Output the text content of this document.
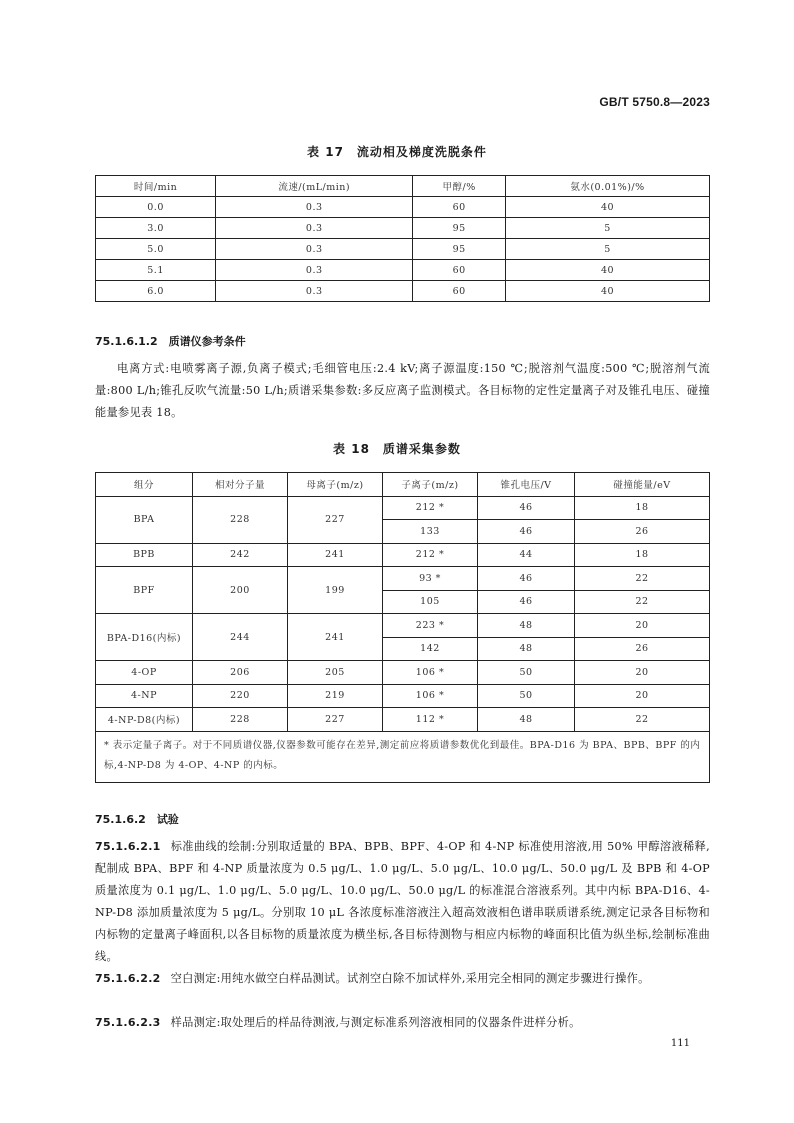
GB/T 5750.8—2023
表 17　流动相及梯度洗脱条件
时间/min	流速/(mL/min)	甲醇/%	氨水(0.01%)/%
0.0	0.3	60	40
3.0	0.3	95	5
5.0	0.3	95	5
5.1	0.3	60	40
6.0	0.3	60	40
75.1.6.1.2　 质谱仪参考条件
电离方式:电喷雾离子源,负离子模式;毛细管电压:2.4 kV;离子源温度:150 ℃;脱溶剂气温度:500 ℃;脱溶剂气流量:800 L/h;锥孔反吹气流量:50 L/h;质谱采集参数:多反应离子监测模式。各目标物的定性定量离子对及锥孔电压、碰撞能量参见表 18。
表 18　质谱采集参数
组分	相对分子量	母离子(m/z)	子离子(m/z)	锥孔电压/V	碰撞能量/eV
BPA	228	227	212 *	46	18
			133	46	26
BPB	242	241	212 *	44	18
BPF	200	199	93 *	46	22
			105	46	22
BPA-D16(内标)	244	241	223 *	48	20
			142	48	26
4-OP	206	205	106 *	50	20
4-NP	220	219	106 *	50	20
4-NP-D8(内标)	228	227	112 *	48	22
* 表示定量子离子。对于不同质谱仪器,仪器参数可能存在差异,测定前应将质谱参数优化到最佳。BPA-D16 为 BPA、BPB、BPF 的内标,4-NP-D8 为 4-OP、4-NP 的内标。					
75.1.6.2　 试验
75.1.6.2.1 标准曲线的绘制:分别取适量的 BPA、BPB、BPF、4-OP 和 4-NP 标准使用溶液,用 50% 甲醇溶液稀释,配制成 BPA、BPF 和 4-NP 质量浓度为 0.5 μg/L、1.0 μg/L、5.0 μg/L、10.0 μg/L、50.0 μg/L 及 BPB 和 4-OP 质量浓度为 0.1 μg/L、1.0 μg/L、5.0 μg/L、10.0 μg/L、50.0 μg/L 的标准混合溶液系列。其中内标 BPA-D16、4-NP-D8 添加质量浓度为 5 μg/L。分别取 10 μL 各浓度标准溶液注入超高效液相色谱串联质谱系统,测定记录各目标物和内标物的定量离子峰面积,以各目标物的质量浓度为横坐标,各目标待测物与相应内标物的峰面积比值为纵坐标,绘制标准曲线。
75.1.6.2.2 空白测定:用纯水做空白样品测试。试剂空白除不加试样外,采用完全相同的测定步骤进行操作。
75.1.6.2.3 样品测定:取处理后的样品待测液,与测定标准系列溶液相同的仪器条件进样分析。
111
